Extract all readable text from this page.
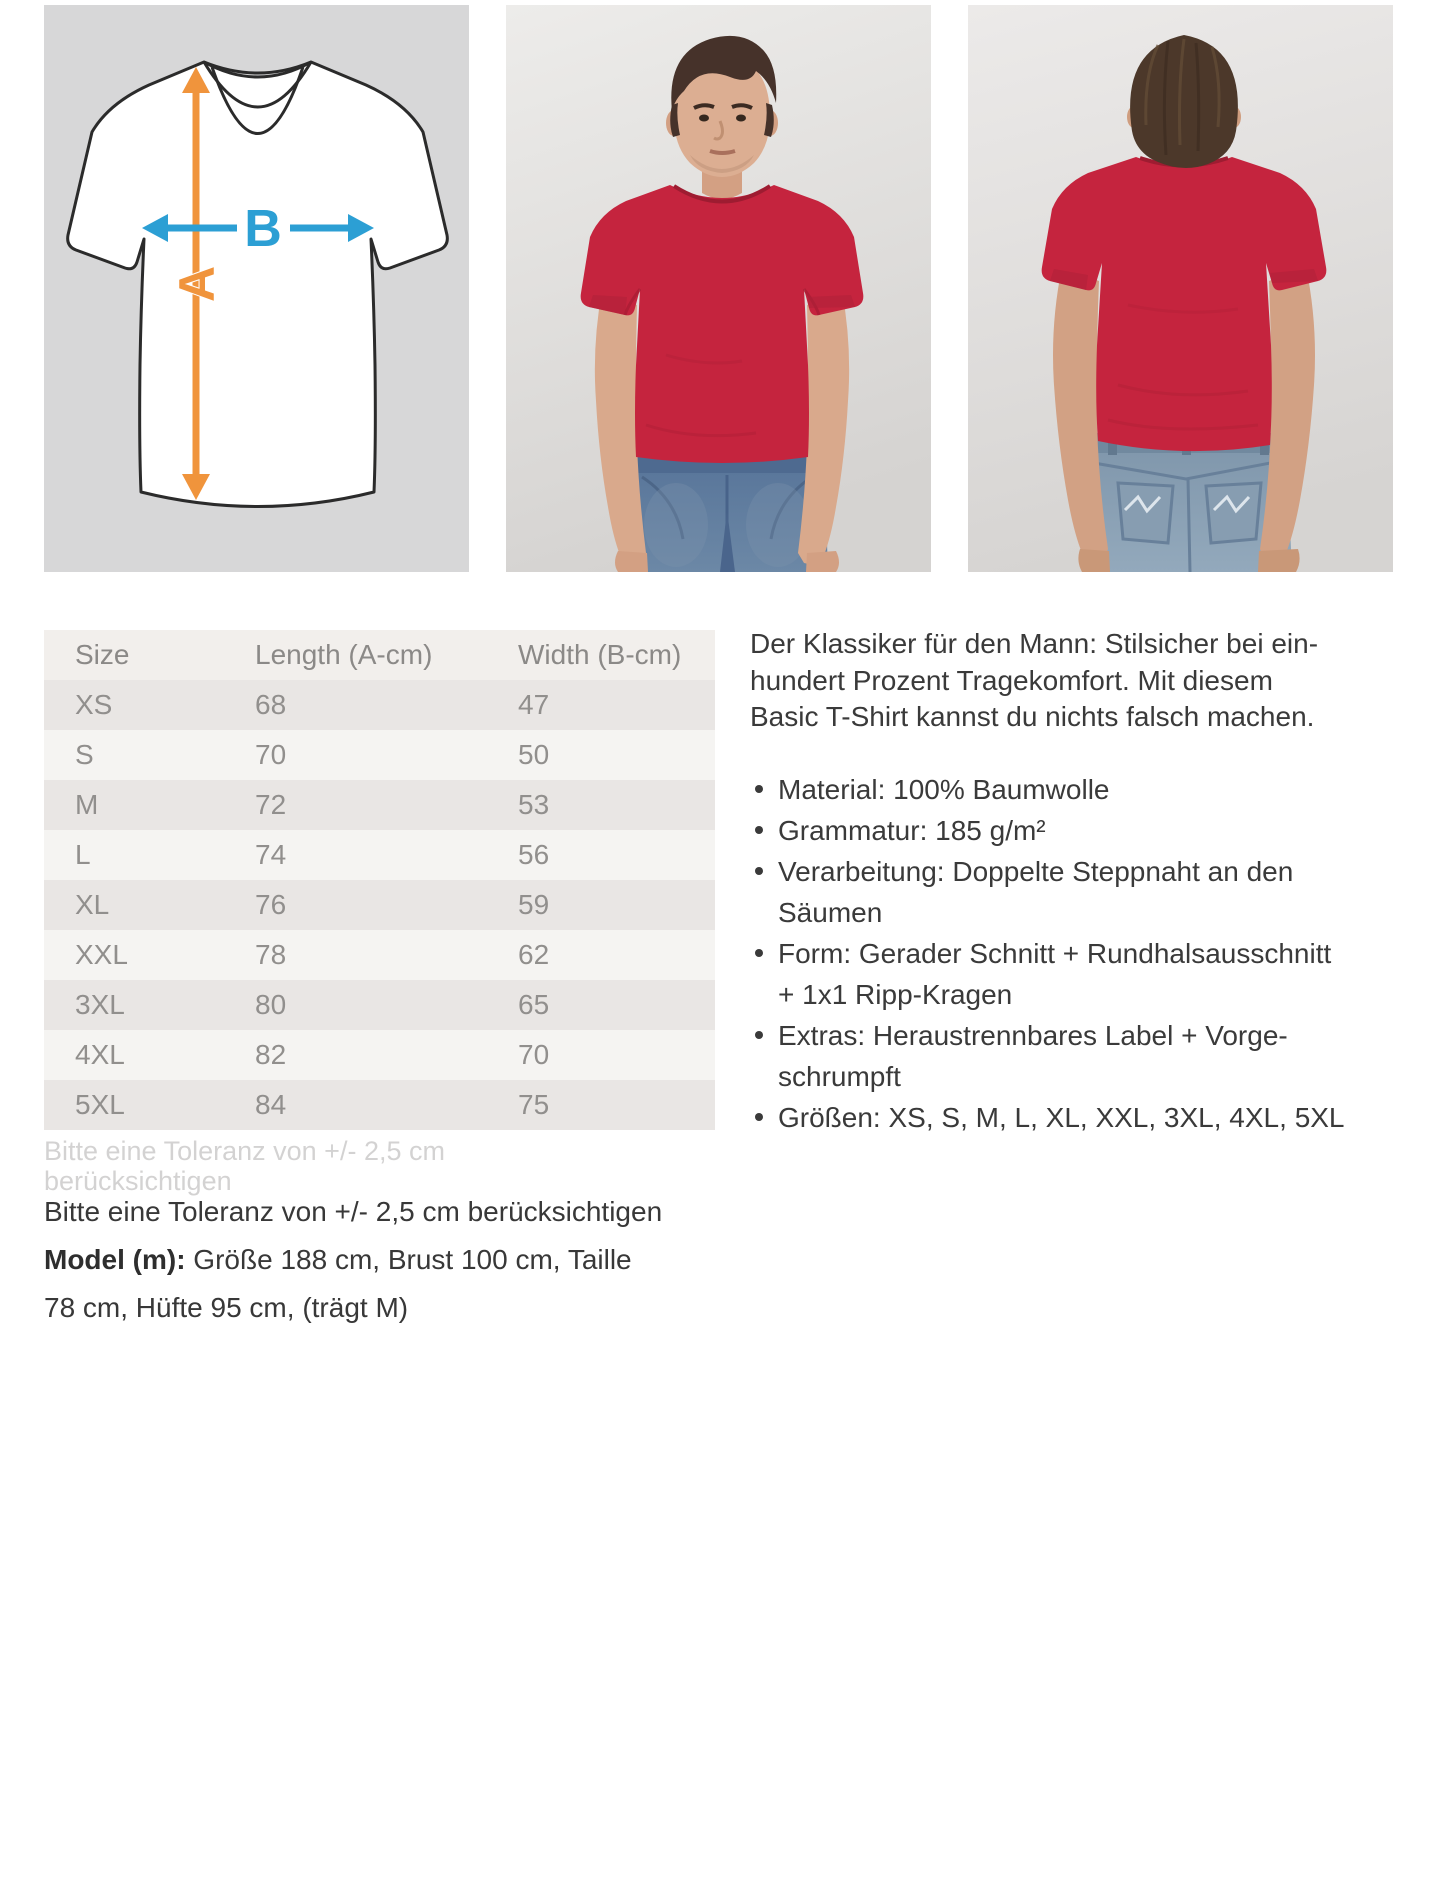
A
B
Size	Length (A-cm)	Width (B-cm)
XS	68	47
S	70	50
M	72	53
L	74	56
XL	76	59
XXL	78	62
3XL	80	65
4XL	82	70
5XL	84	75
Bitte eine Toleranz von +/- 2,5 cm berücksichtigen
Bitte eine Toleranz von +/- 2,5 cm berücksichtigen
Model (m): Größe 188 cm, Brust 100 cm, Taille
78 cm, Hüfte 95 cm, (trägt M)
Der Klassiker für den Mann: Stilsicher bei ein-
hundert Prozent Tragekomfort. Mit diesem
Basic T-Shirt kannst du nichts falsch machen.
Material: 100% Baumwolle
Grammatur: 185 g/m²
Verarbeitung: Doppelte Steppnaht an den
Säumen
Form: Gerader Schnitt + Rundhalsausschnitt
+ 1x1 Ripp-Kragen
Extras: Heraustrennbares Label + Vorge-
schrumpft
Größen: XS, S, M, L, XL, XXL, 3XL, 4XL, 5XL
